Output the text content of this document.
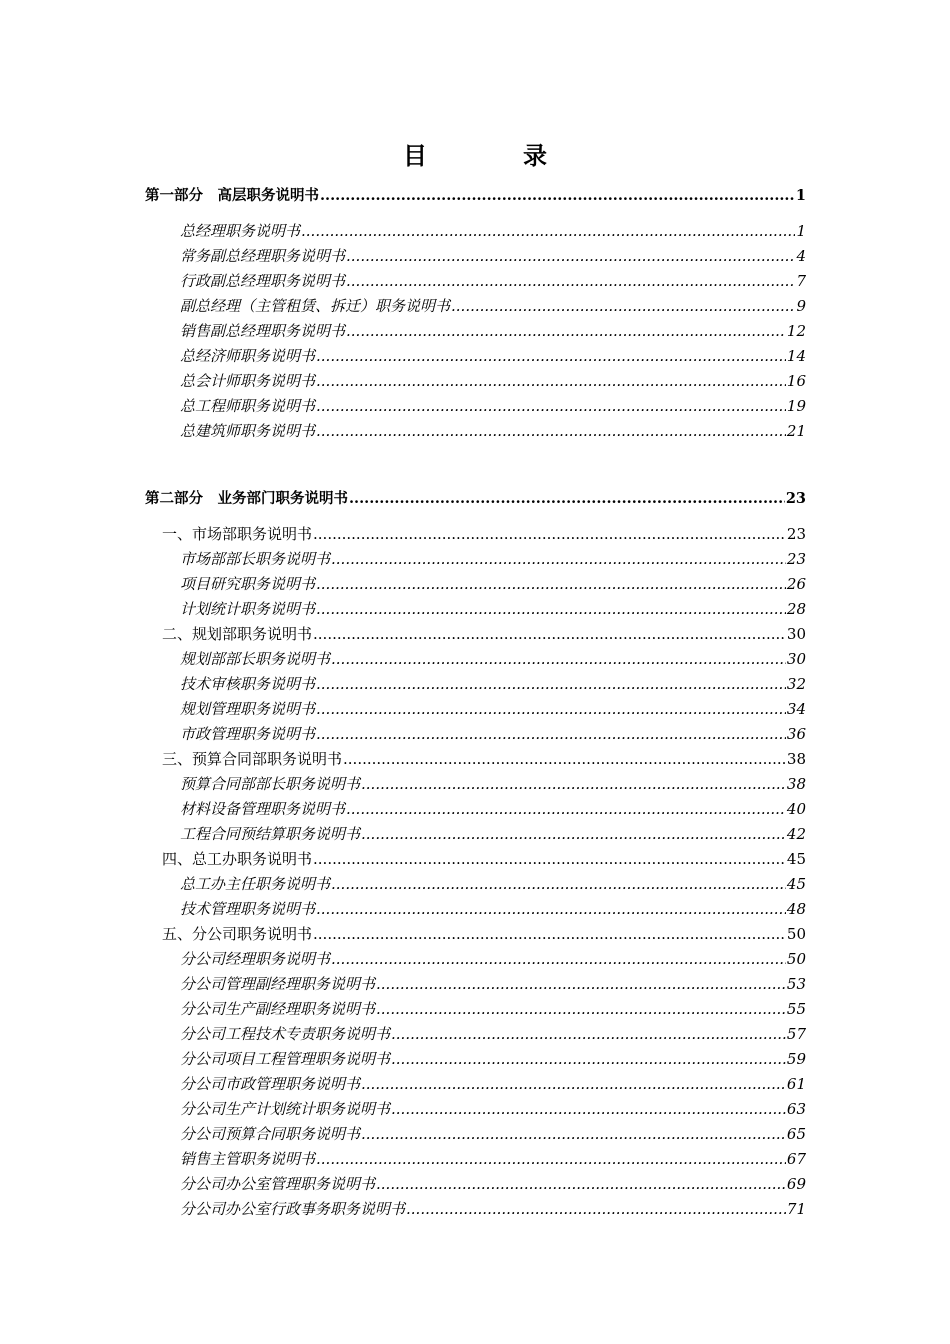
目　录
第一部分　高层职务说明书 .....	1
总经理职务说明书 .....	1
常务副总经理职务说明书 .....	4
行政副总经理职务说明书 .....	7
副总经理（主管租赁、拆迁）职务说明书 .....	9
销售副总经理职务说明书 .....	12
总经济师职务说明书 .....	14
总会计师职务说明书 .....	16
总工程师职务说明书 .....	19
总建筑师职务说明书 .....	21
第二部分　业务部门职务说明书 .....	23
一、市场部职务说明书 .....	23
市场部部长职务说明书 .....	23
项目研究职务说明书 .....	26
计划统计职务说明书 .....	28
二、规划部职务说明书 .....	30
规划部部长职务说明书 .....	30
技术审核职务说明书 .....	32
规划管理职务说明书 .....	34
市政管理职务说明书 .....	36
三、预算合同部职务说明书 .....	38
预算合同部部长职务说明书 .....	38
材料设备管理职务说明书 .....	40
工程合同预结算职务说明书 .....	42
四、总工办职务说明书 .....	45
总工办主任职务说明书 .....	45
技术管理职务说明书 .....	48
五、分公司职务说明书 .....	50
分公司经理职务说明书 .....	50
分公司管理副经理职务说明书 .....	53
分公司生产副经理职务说明书 .....	55
分公司工程技术专责职务说明书 .....	57
分公司项目工程管理职务说明书 .....	59
分公司市政管理职务说明书 .....	61
分公司生产计划统计职务说明书 .....	63
分公司预算合同职务说明书 .....	65
销售主管职务说明书 .....	67
分公司办公室管理职务说明书 .....	69
分公司办公室行政事务职务说明书 .....	71
